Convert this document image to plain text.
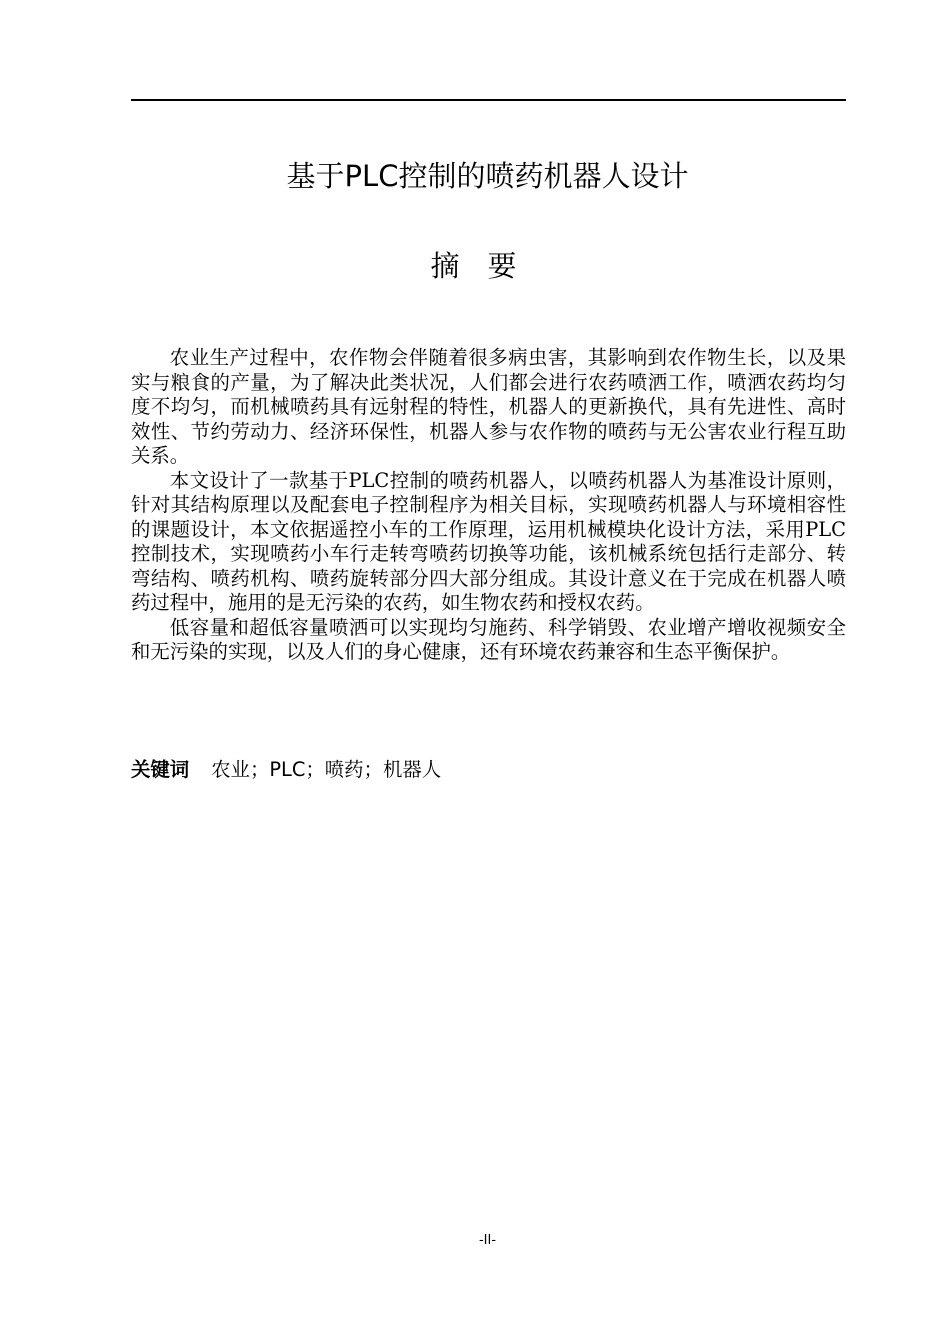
基于PLC控制的喷药机器人设计
摘要

农业生产过程中，农作物会伴随着很多病虫害，其影响到农作物生长，以及果实与粮食的产量，为了解决此类状况，人们都会进行农药喷洒工作，喷洒农药均匀度不均匀，而机械喷药具有远射程的特性，机器人的更新换代，具有先进性、高时效性、节约劳动力、经济环保性，机器人参与农作物的喷药与无公害农业行程互助关系。

本文设计了一款基于PLC控制的喷药机器人，以喷药机器人为基准设计原则，针对其结构原理以及配套电子控制程序为相关目标，实现喷药机器人与环境相容性的课题设计，本文依据遥控小车的工作原理，运用机械模块化设计方法，采用PLC控制技术，实现喷药小车行走转弯喷药切换等功能，该机械系统包括行走部分、转弯结构、喷药机构、喷药旋转部分四大部分组成。其设计意义在于完成在机器人喷药过程中，施用的是无污染的农药，如生物农药和授权农药。

低容量和超低容量喷洒可以实现均匀施药、科学销毁、农业增产增收视频安全和无污染的实现，以及人们的身心健康，还有环境农药兼容和生态平衡保护。

关键词 农业；PLC；喷药；机器人
-II-
